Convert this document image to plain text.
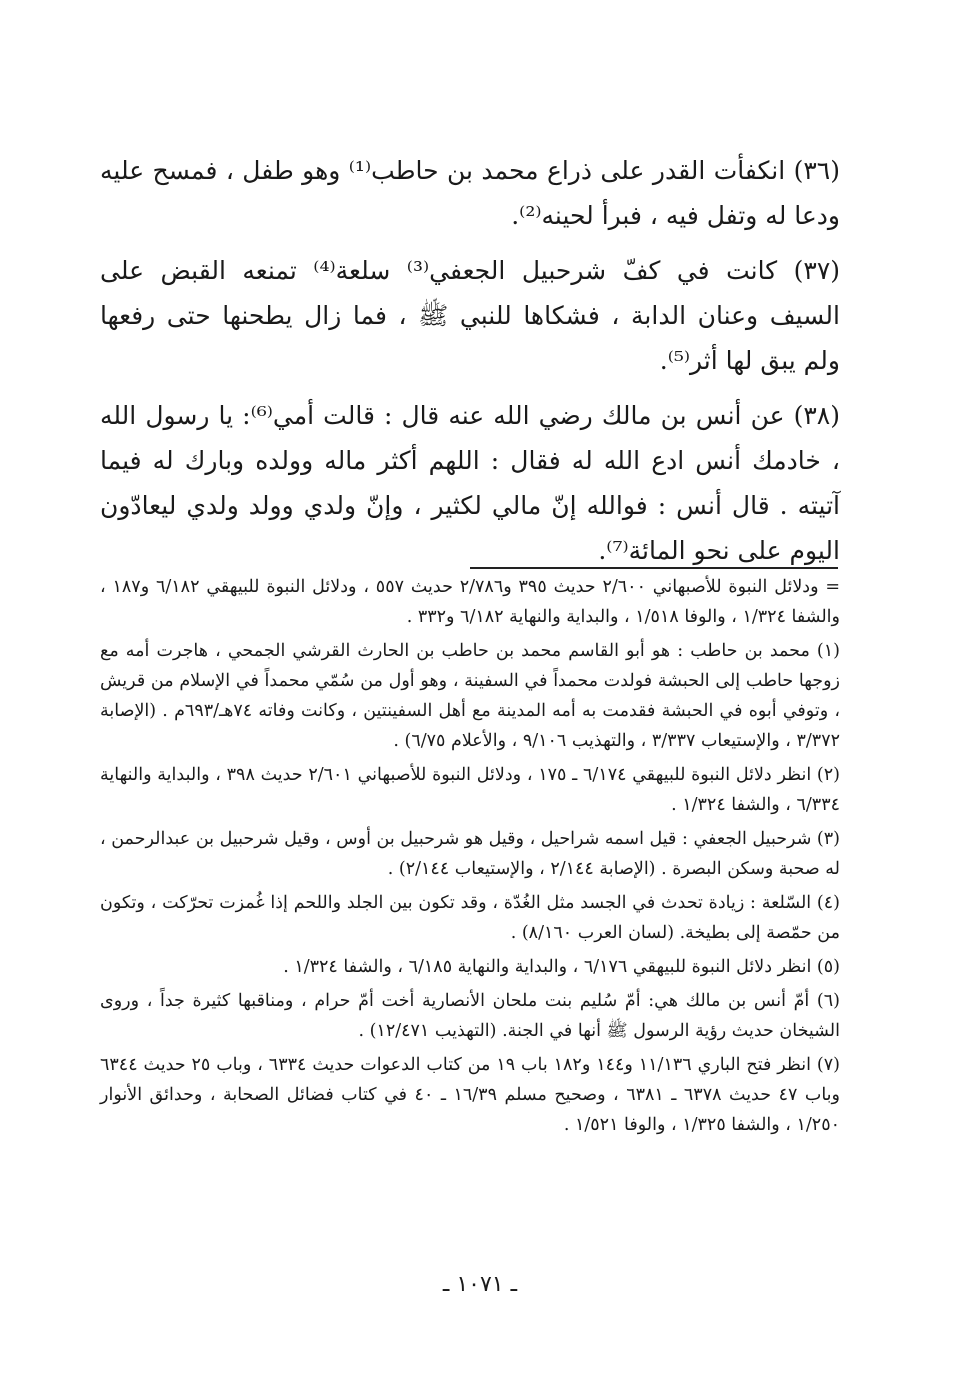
(٣٦) انكفأت القدر على ذراع محمد بن حاطب⁽¹⁾ وهو طفل ، فمسح عليه ودعا له وتفل فيه ، فبرأ لحينه⁽²⁾.

(٣٧) كانت في كفّ شرحبيل الجعفي⁽³⁾ سلعة⁽⁴⁾ تمنعه القبض على السيف وعنان الدابة ، فشكاها للنبي ﷺ ، فما زال يطحنها حتى رفعها ولم يبق لها أثر⁽⁵⁾.

(٣٨) عن أنس بن مالك رضي الله عنه قال : قالت أمي⁽⁶⁾: يا رسول الله ، خادمك أنس ادع الله له فقال : اللهم أكثر ماله وولده وبارك له فيما آتيته . قال أنس : فوالله إنّ مالي لكثير ، وإنّ ولدي وولد ولدي ليعادّون اليوم على نحو المائة⁽⁷⁾.

= ودلائل النبوة للأصبهاني ٢/٦٠٠ حديث ٣٩٥ و٢/٧٨٦ حديث ٥٥٧ ، ودلائل النبوة للبيهقي ٦/١٨٢ و١٨٧ ، والشفا ١/٣٢٤ ، والوفا ١/٥١٨ ، والبداية والنهاية ٦/١٨٢ و٣٣٢ .

(١) محمد بن حاطب : هو أبو القاسم محمد بن حاطب بن الحارث القرشي الجمحي ، هاجرت أمه مع زوجها حاطب إلى الحبشة فولدت محمداً في السفينة ، وهو أول من سُمّي محمداً في الإسلام من قريش ، وتوفي أبوه في الحبشة فقدمت به أمه المدينة مع أهل السفينتين ، وكانت وفاته ٧٤هـ/٦٩٣م . (الإصابة ٣/٣٧٢ ، والإستيعاب ٣/٣٣٧ ، والتهذيب ٩/١٠٦ ، والأعلام ٦/٧٥) .

(٢) انظر دلائل النبوة للبيهقي ٦/١٧٤ ـ ١٧٥ ، ودلائل النبوة للأصبهاني ٢/٦٠١ حديث ٣٩٨ ، والبداية والنهاية ٦/٣٣٤ ، والشفا ١/٣٢٤ .

(٣) شرحبيل الجعفي : قيل اسمه شراحيل ، وقيل هو شرحبيل بن أوس ، وقيل شرحبيل بن عبدالرحمن ، له صحبة وسكن البصرة . (الإصابة ٢/١٤٤ ، والإستيعاب ٢/١٤٤) .

(٤) السّلعة : زيادة تحدث في الجسد مثل الغُدّة ، وقد تكون بين الجلد واللحم إذا غُمزت تحرّكت ، وتكون من حمّصة إلى بطيخة. (لسان العرب ٨/١٦٠) .

(٥) انظر دلائل النبوة للبيهقي ٦/١٧٦ ، والبداية والنهاية ٦/١٨٥ ، والشفا ١/٣٢٤ .

(٦) أمّ أنس بن مالك هي: أمّ سُليم بنت ملحان الأنصارية أخت أمّ حرام ، ومناقبها كثيرة جداً ، وروى الشيخان حديث رؤية الرسول ﷺ أنها في الجنة. (التهذيب ١٢/٤٧١) .

(٧) انظر فتح الباري ١١/١٣٦ و١٤٤ و١٨٢ باب ١٩ من كتاب الدعوات حديث ٦٣٣٤ ، وباب ٢٥ حديث ٦٣٤٤ وباب ٤٧ حديث ٦٣٧٨ ـ ٦٣٨١ ، وصحيح مسلم ١٦/٣٩ ـ ٤٠ في كتاب فضائل الصحابة ، وحدائق الأنوار ١/٢٥٠ ، والشفا ١/٣٢٥ ، والوفا ١/٥٢١ .

ـ ١٠٧١ ـ
